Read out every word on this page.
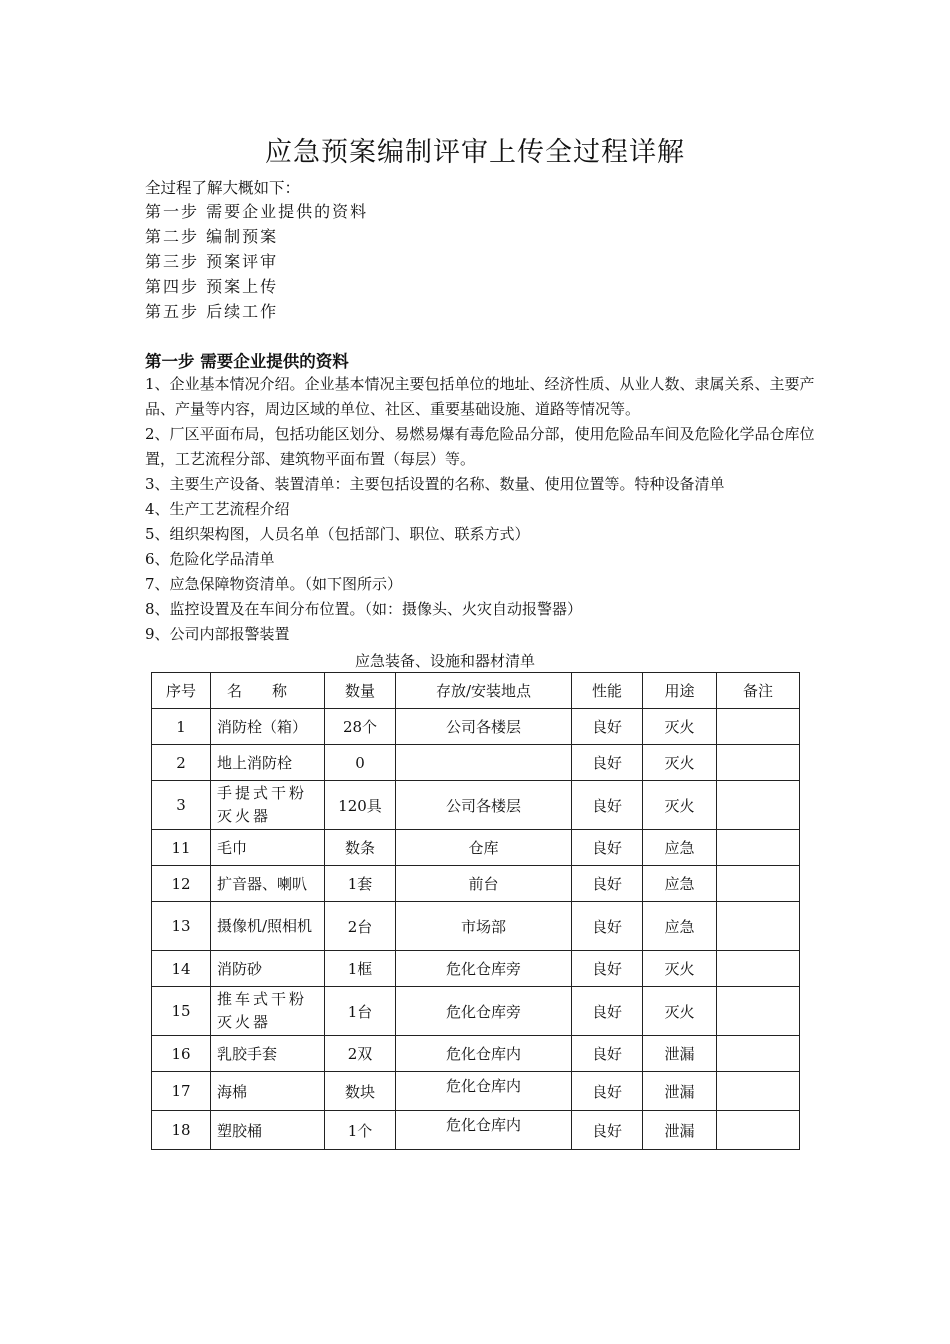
应急预案编制评审上传全过程详解
全过程了解大概如下：
第一步 需要企业提供的资料
第二步 编制预案
第三步 预案评审
第四步 预案上传
第五步 后续工作
第一步 需要企业提供的资料
1、企业基本情况介绍。企业基本情况主要包括单位的地址、经济性质、从业人数、隶属关系、主要产品、产量等内容，周边区域的单位、社区、重要基础设施、道路等情况等。
2、厂区平面布局，包括功能区划分、易燃易爆有毒危险品分部，使用危险品车间及危险化学品仓库位置，工艺流程分部、建筑物平面布置（每层）等。
3、主要生产设备、装置清单：主要包括设置的名称、数量、使用位置等。特种设备清单
4、生产工艺流程介绍
5、组织架构图，人员名单（包括部门、职位、联系方式）
6、危险化学品清单
7、应急保障物资清单。（如下图所示）
8、监控设置及在车间分布位置。（如：摄像头、火灾自动报警器）
9、公司内部报警装置
应急装备、设施和器材清单
序号	名　　称	数量	存放/安装地点	性能	用途	备注
1	消防栓（箱）	28个	公司各楼层	良好	灭火	
2	地上消防栓	0		良好	灭火	
3	手提式干粉灭火器	120具	公司各楼层	良好	灭火	
11	毛巾	数条	仓库	良好	应急	
12	扩音器、喇叭	1套	前台	良好	应急	
13	摄像机/照相机	2台	市场部	良好	应急	
14	消防砂	1框	危化仓库旁	良好	灭火	
15	推车式干粉灭火器	1台	危化仓库旁	良好	灭火	
16	乳胶手套	2双	危化仓库内	良好	泄漏	
17	海棉	数块	危化仓库内	良好	泄漏	
18	塑胶桶	1个	危化仓库内	良好	泄漏	
